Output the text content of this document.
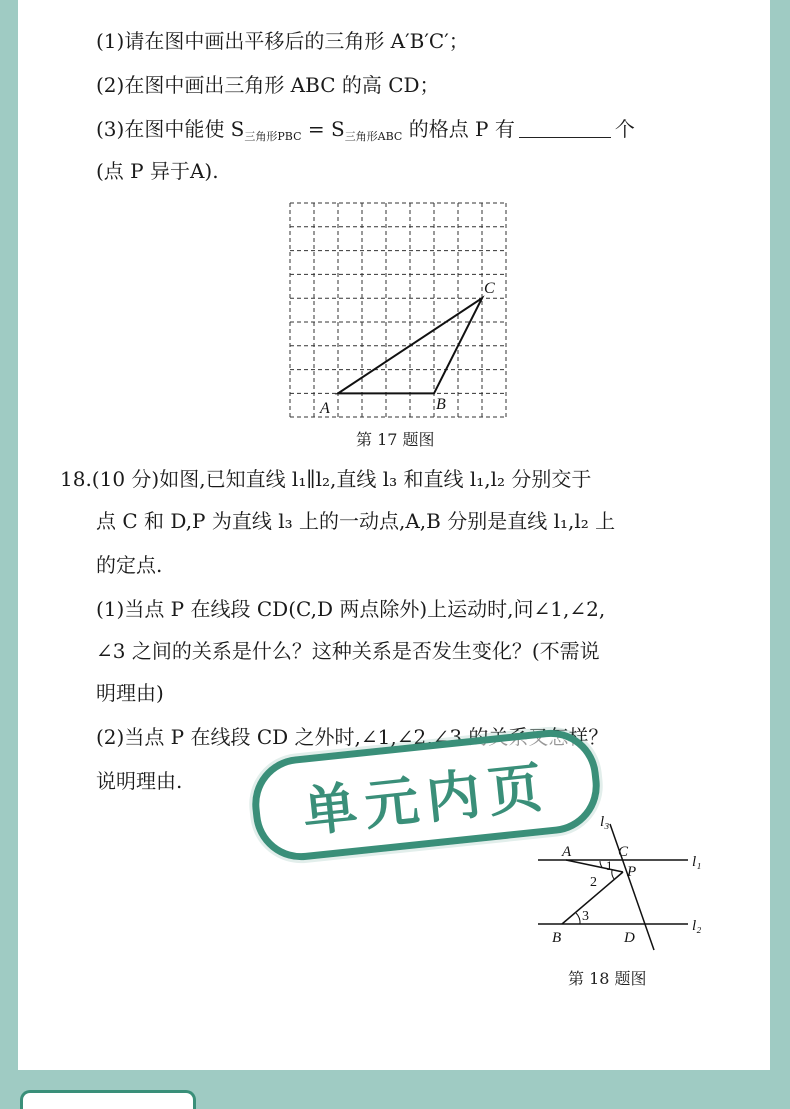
(1)请在图中画出平移后的三角形 A′B′C′；
(2)在图中画出三角形 ABC 的高 CD；
(3)在图中能使 $S_{三角形PBC} = S_{三角形ABC}$ 的格点 P 有	个
(点 P 异于A).
A	B
C
第 17 题图
18.(10 分)如图,已知直线 l₁∥l₂,直线 l₃ 和直线 l₁,l₂ 分别交于
点 C 和 D,P 为直线 l₃ 上的一动点,A,B 分别是直线 l₁,l₂ 上
的定点.
(1)当点 P 在线段 CD(C,D 两点除外)上运动时,问∠1,∠2,
∠3 之间的关系是什么？这种关系是否发生变化？(不需说
明理由)
(2)当点 P 在线段 CD 之外时,∠1,∠2,∠3 的关系又怎样？
说明理由.
l₃
l₁
l₂
A	C
P
B	D
1
2
3
第 18 题图
单元内页
